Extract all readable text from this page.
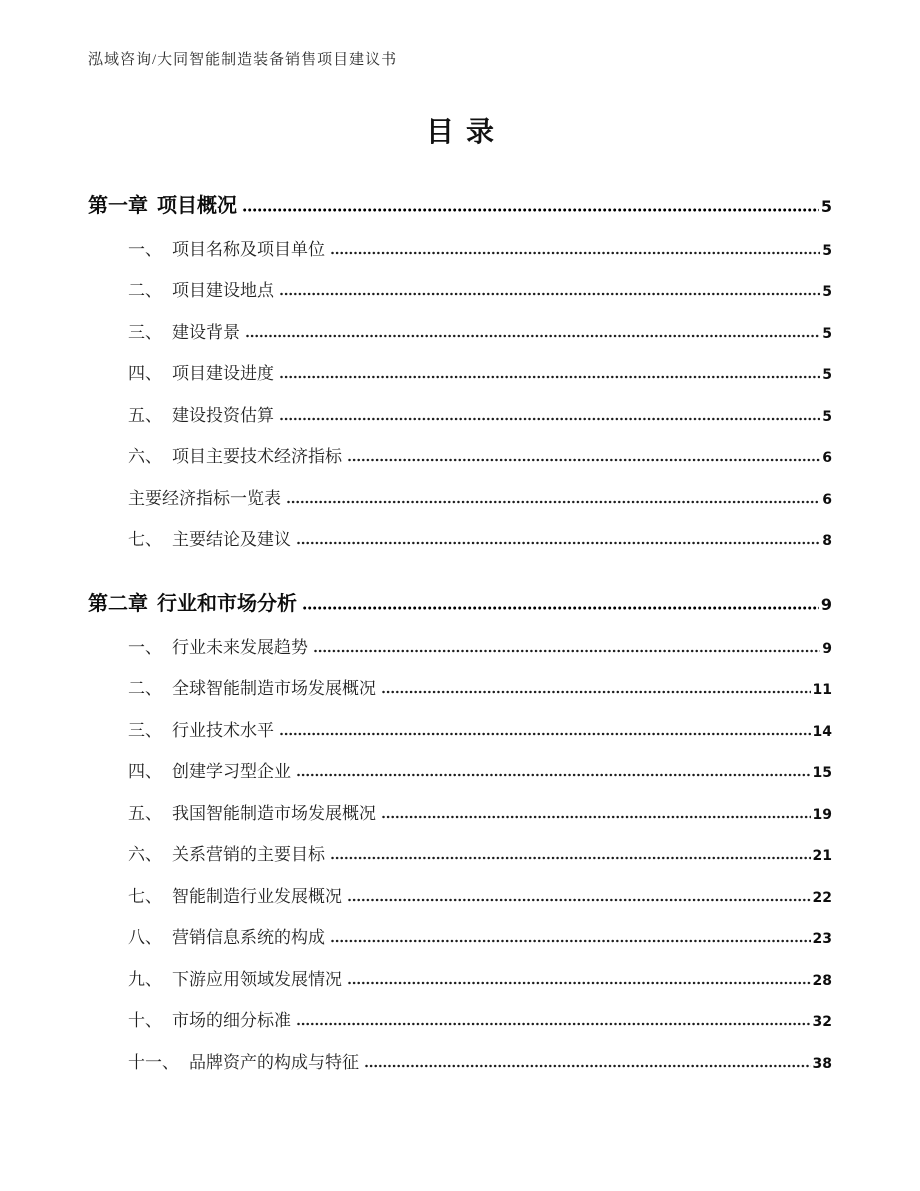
泓域咨询/大同智能制造装备销售项目建议书
目录
第一章 项目概况	5
一、 项目名称及项目单位	5
二、 项目建设地点	5
三、 建设背景	5
四、 项目建设进度	5
五、 建设投资估算	5
六、 项目主要技术经济指标	6
主要经济指标一览表	6
七、 主要结论及建议	8
第二章 行业和市场分析	9
一、 行业未来发展趋势	9
二、 全球智能制造市场发展概况	11
三、 行业技术水平	14
四、 创建学习型企业	15
五、 我国智能制造市场发展概况	19
六、 关系营销的主要目标	21
七、 智能制造行业发展概况	22
八、 营销信息系统的构成	23
九、 下游应用领域发展情况	28
十、 市场的细分标准	32
十一、 品牌资产的构成与特征	38
